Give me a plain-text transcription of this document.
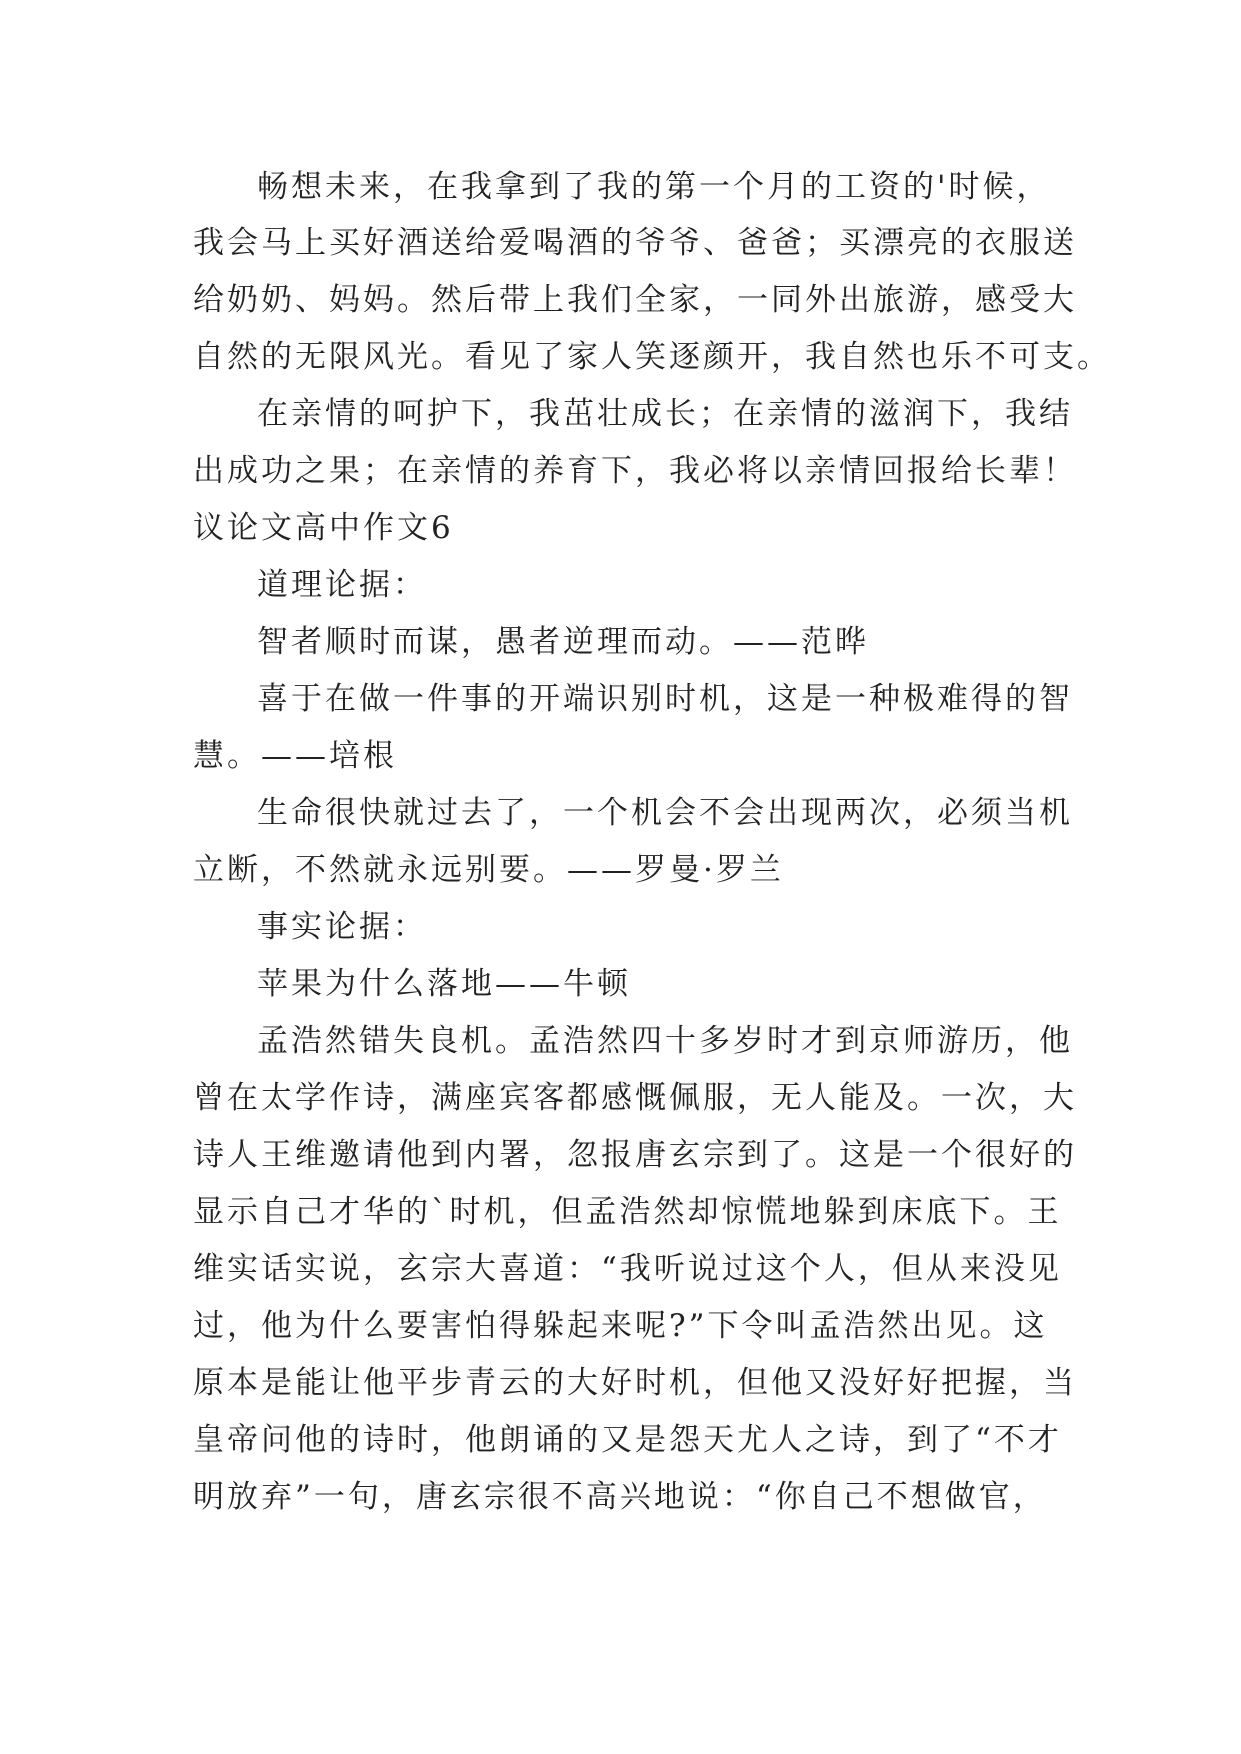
畅想未来，在我拿到了我的第一个月的工资的'时候，
我会马上买好酒送给爱喝酒的爷爷、爸爸；买漂亮的衣服送
给奶奶、妈妈。然后带上我们全家，一同外出旅游，感受大
自然的无限风光。看见了家人笑逐颜开，我自然也乐不可支。
在亲情的呵护下，我茁壮成长；在亲情的滋润下，我结
出成功之果；在亲情的养育下，我必将以亲情回报给长辈！
议论文高中作文6
道理论据：
智者顺时而谋，愚者逆理而动。——范晔
喜于在做一件事的开端识别时机，这是一种极难得的智
慧。——培根
生命很快就过去了，一个机会不会出现两次，必须当机
立断，不然就永远别要。——罗曼·罗兰
事实论据：
苹果为什么落地——牛顿
孟浩然错失良机。孟浩然四十多岁时才到京师游历，他
曾在太学作诗，满座宾客都感慨佩服，无人能及。一次，大
诗人王维邀请他到内署，忽报唐玄宗到了。这是一个很好的
显示自己才华的`时机，但孟浩然却惊慌地躲到床底下。王
维实话实说，玄宗大喜道：“我听说过这个人，但从来没见
过，他为什么要害怕得躲起来呢?”下令叫孟浩然出见。这
原本是能让他平步青云的大好时机，但他又没好好把握，当
皇帝问他的诗时，他朗诵的又是怨天尤人之诗，到了“不才
明放弃”一句，唐玄宗很不高兴地说：“你自己不想做官，
